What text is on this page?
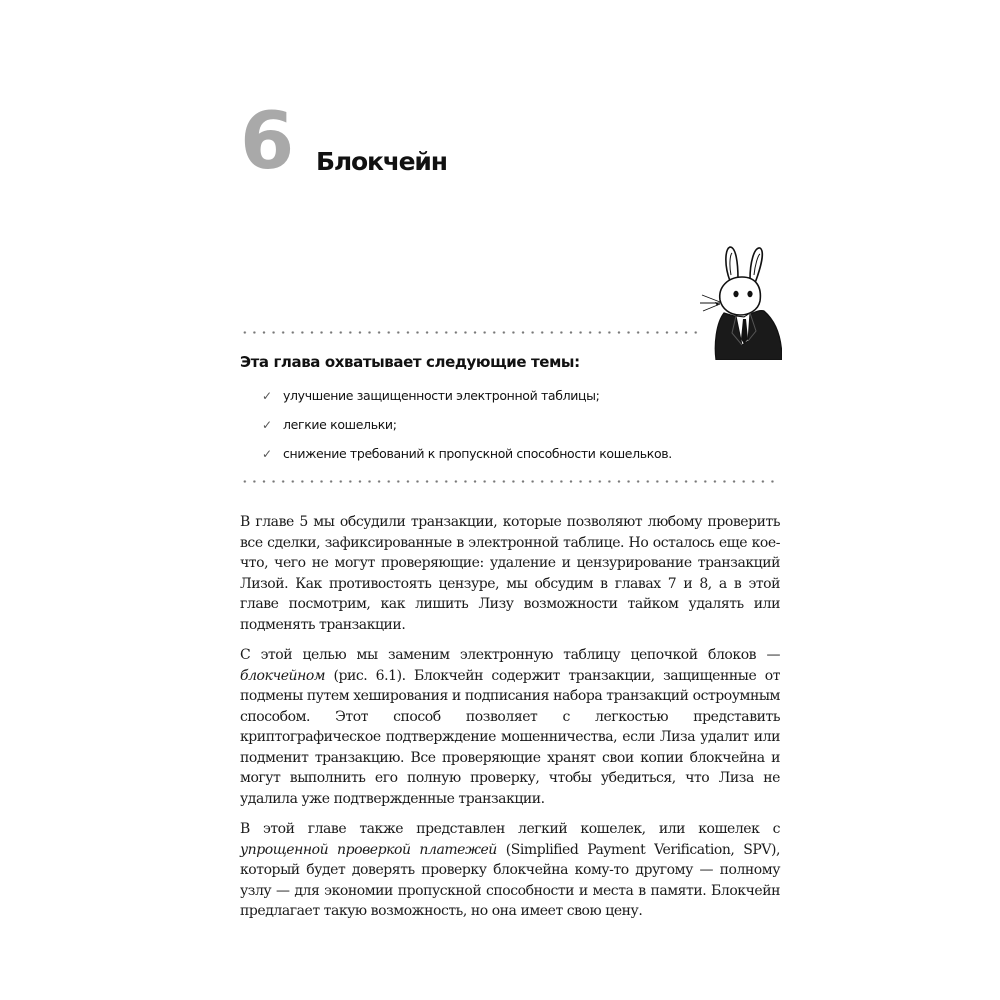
6 Блокчейн
Эта глава охватывает следующие темы:
✓ улучшение защищенности электронной таблицы;
✓ легкие кошельки;
✓ снижение требований к пропускной способности кошельков.

В главе 5 мы обсудили транзакции, которые позволяют любому проверить все сделки, зафиксированные в электронной таблице. Но осталось еще кое-что, чего не могут проверяющие: удаление и цензурирование транзакций Лизой. Как противостоять цензуре, мы обсудим в главах 7 и 8, а в этой главе посмотрим, как лишить Лизу возможности тайком удалять или подменять транзакции.

С этой целью мы заменим электронную таблицу цепочкой блоков — блокчейном (рис. 6.1). Блокчейн содержит транзакции, защищенные от подмены путем хеширования и подписания набора транзакций остроумным способом. Этот способ позволяет с легкостью представить криптографическое подтверждение мошенничества, если Лиза удалит или подменит транзакцию. Все проверяющие хранят свои копии блокчейна и могут выполнить его полную проверку, чтобы убедиться, что Лиза не удалила уже подтвержденные транзакции.

В этой главе также представлен легкий кошелек, или кошелек с упрощенной проверкой платежей (Simplified Payment Verification, SPV), который будет доверять проверку блокчейна кому-то другому — полному узлу — для экономии пропускной способности и места в памяти. Блокчейн предлагает такую возможность, но она имеет свою цену.
